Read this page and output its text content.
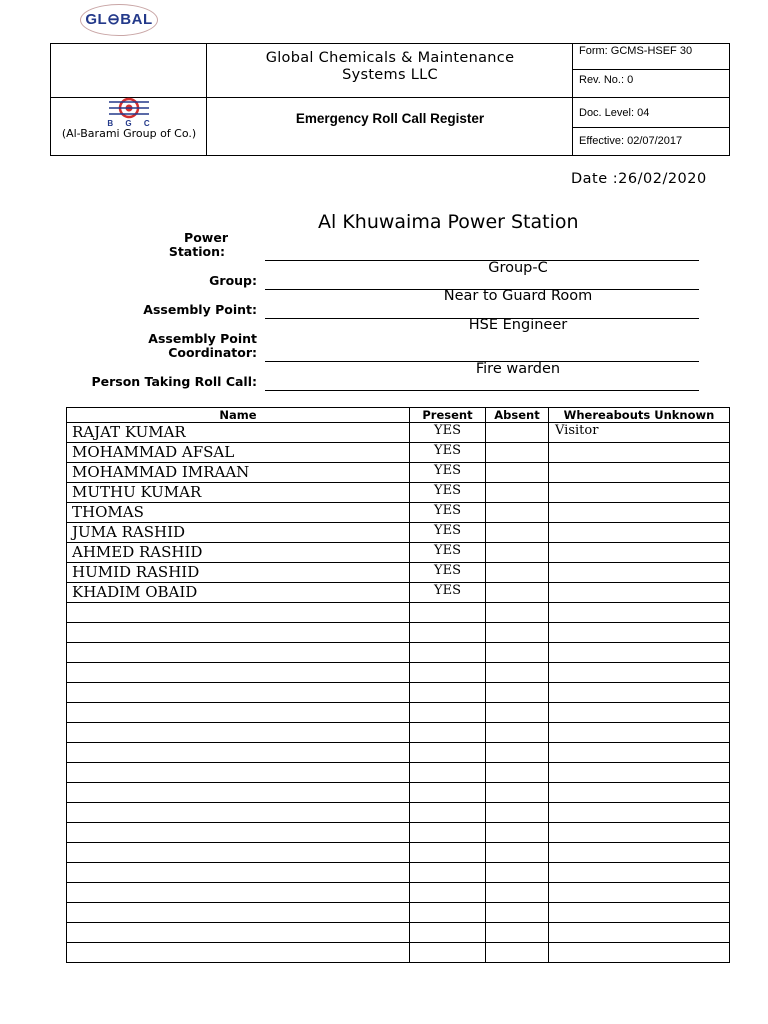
GL⊖BAL
Global Chemicals & Maintenance
Systems LLC
Emergency Roll Call Register
B G C
(Al-Barami Group of Co.)
Form: GCMS-HSEF 30
Rev. No.: 0
Doc. Level: 04
Effective: 02/07/2017
Date :26/02/2020
Al Khuwaima Power Station
Power
Station:
Group:
Group-C
Assembly Point:
Near to Guard Room
Assembly Point
Coordinator:
HSE Engineer
Person Taking Roll Call:
Fire warden
Name	Present	Absent	Whereabouts Unknown
RAJAT KUMAR	YES		Visitor
MOHAMMAD AFSAL	YES		
MOHAMMAD IMRAAN	YES		
MUTHU KUMAR	YES		
THOMAS	YES		
JUMA RASHID	YES		
AHMED RASHID	YES		
HUMID RASHID	YES		
KHADIM OBAID	YES		
